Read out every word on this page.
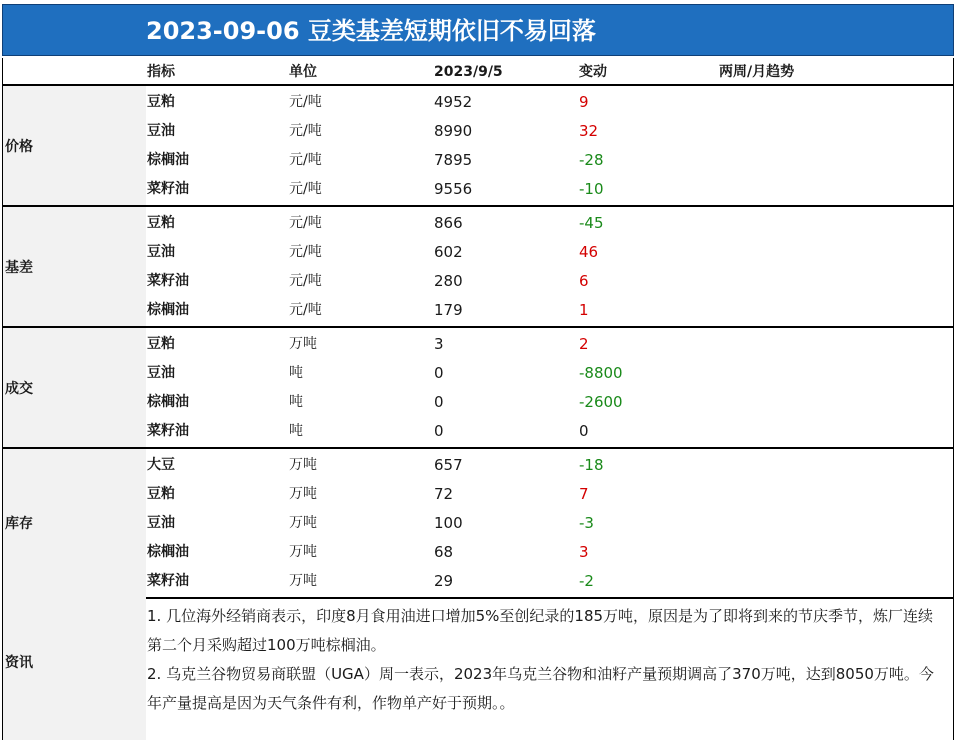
2023-09-06 豆类基差短期依旧不易回落
指标	单位	2023/9/5	变动	两周/月趋势
价格
豆粕	元/吨	4952	9
豆油	元/吨	8990	32
棕榈油	元/吨	7895	-28
菜籽油	元/吨	9556	-10
基差
豆粕	元/吨	866	-45
豆油	元/吨	602	46
菜籽油	元/吨	280	6
棕榈油	元/吨	179	1
成交
豆粕	万吨	3	2
豆油	吨	0	-8800
棕榈油	吨	0	-2600
菜籽油	吨	0	0
库存
大豆	万吨	657	-18
豆粕	万吨	72	7
豆油	万吨	100	-3
棕榈油	万吨	68	3
菜籽油	万吨	29	-2
资讯

1. 几位海外经销商表示，印度8月食用油进口增加5%至创纪录的185万吨，原因是为了即将到来的节庆季节，炼厂连续第二个月采购超过100万吨棕榈油。

2. 乌克兰谷物贸易商联盟（UGA）周一表示，2023年乌克兰谷物和油籽产量预期调高了370万吨，达到8050万吨。今年产量提高是因为天气条件有利，作物单产好于预期。。
